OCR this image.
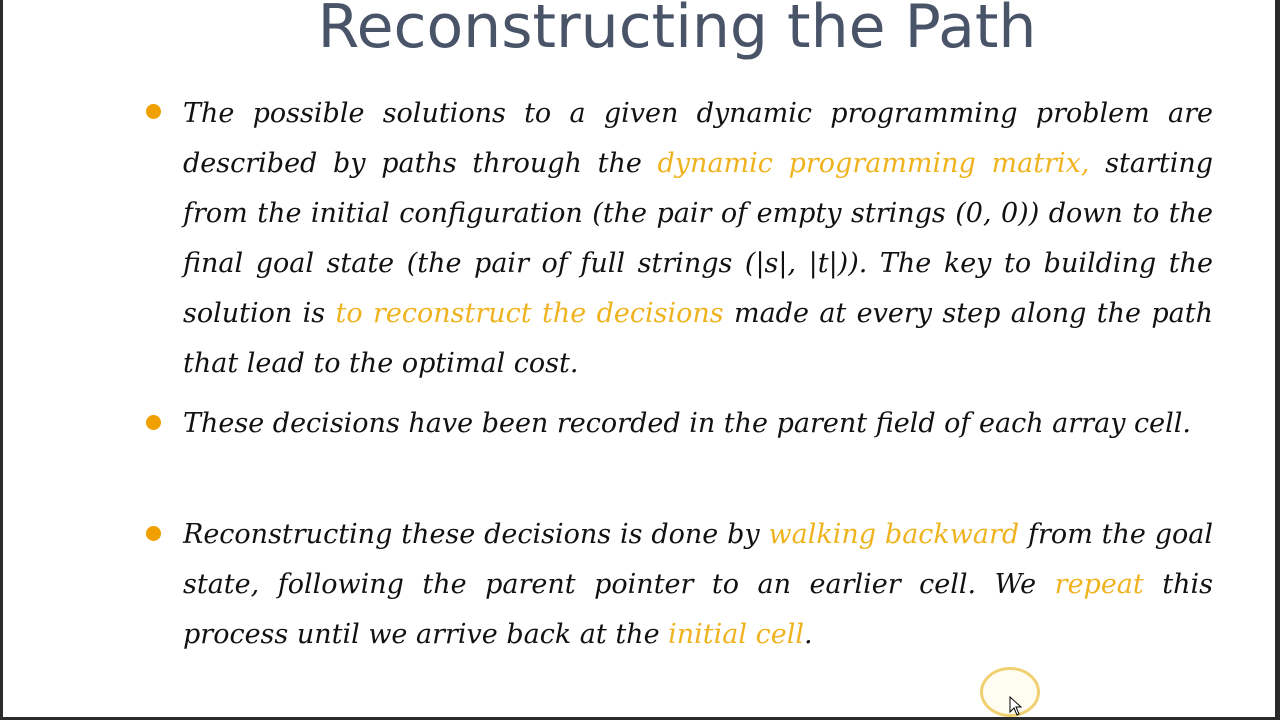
Reconstructing the Path

The possible solutions to a given dynamic programming problem are described by paths through the dynamic programming matrix, starting from the initial configuration (the pair of empty strings (0, 0)) down to the final goal state (the pair of full strings (|s|, |t|)). The key to building the solution is to reconstruct the decisions made at every step along the path that lead to the optimal cost.

These decisions have been recorded in the parent field of each array cell.

Reconstructing these decisions is done by walking backward from the goal state, following the parent pointer to an earlier cell. We repeat this process until we arrive back at the initial cell.
